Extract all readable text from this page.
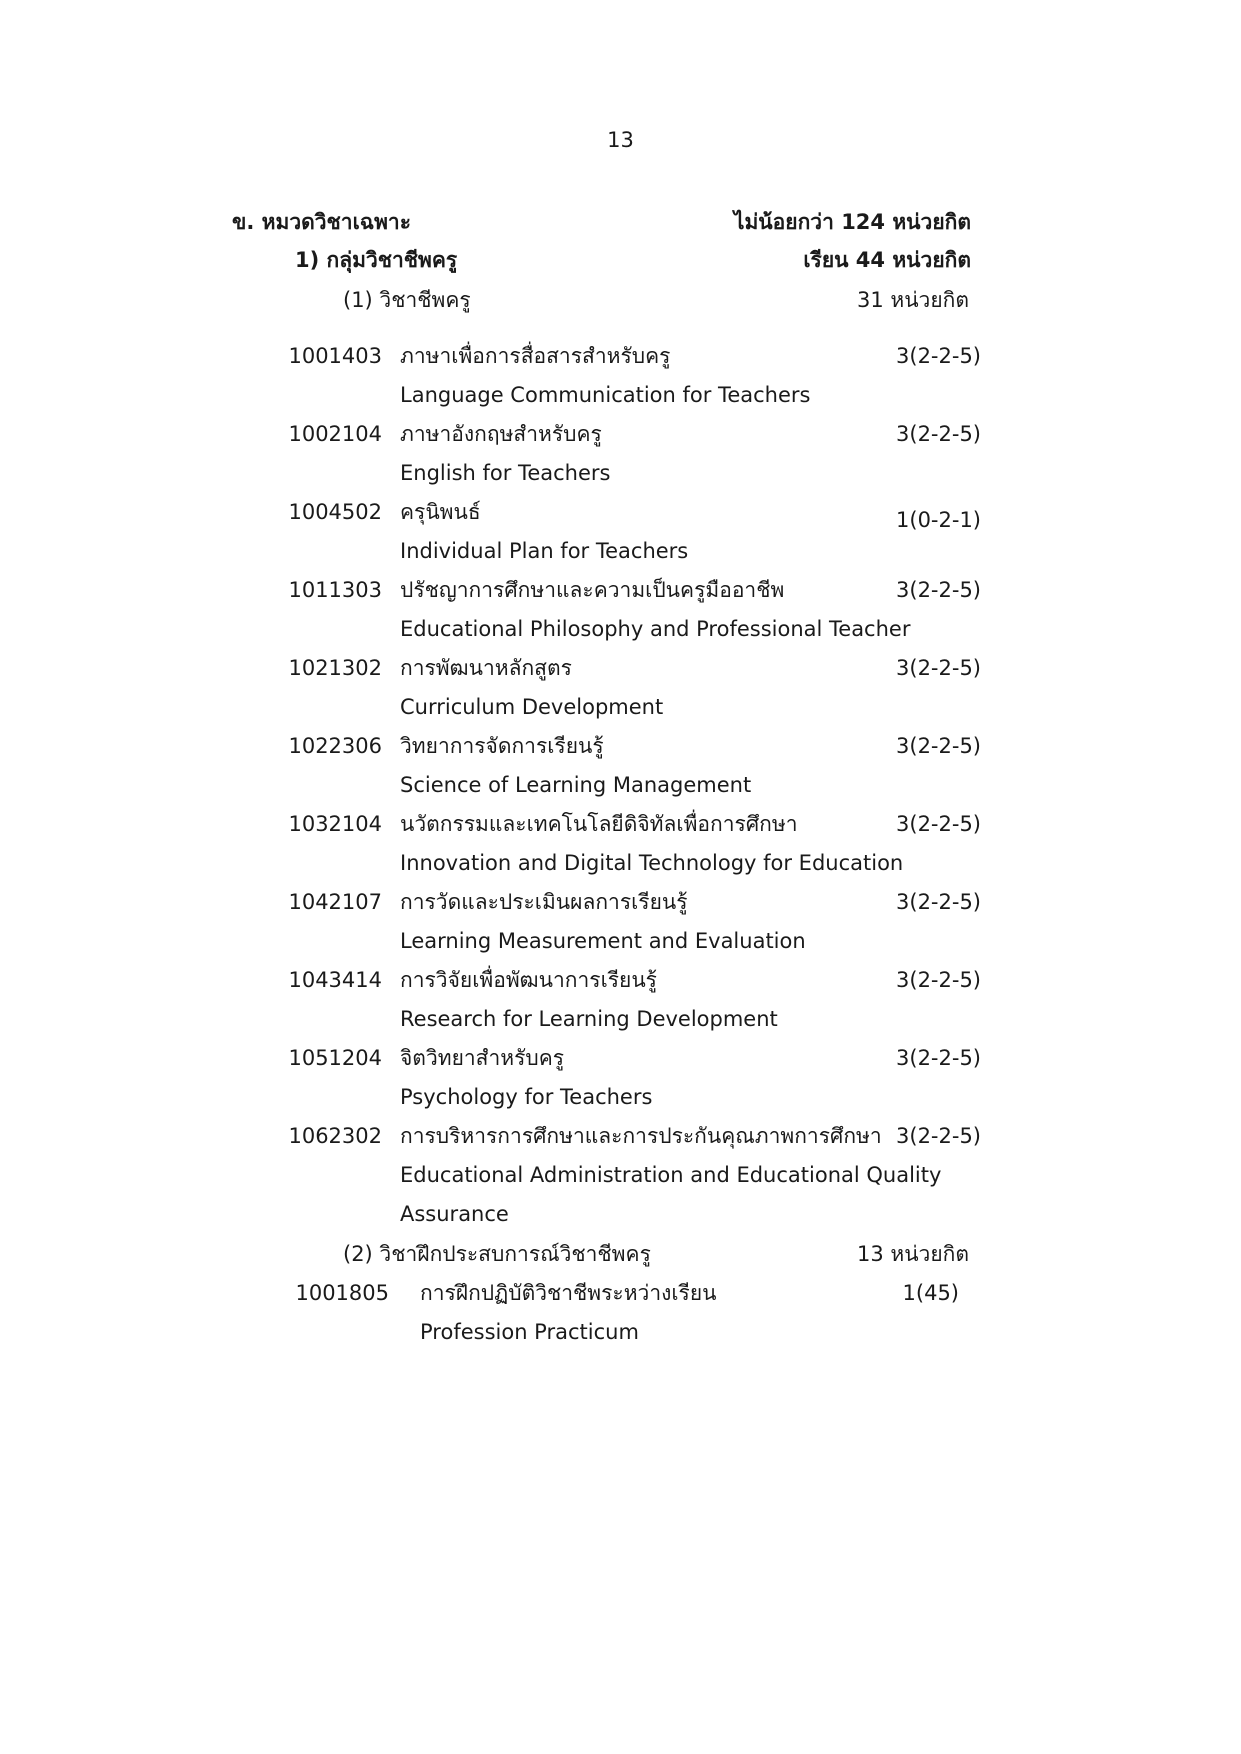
13
ข. หมวดวิชาเฉพาะ	ไม่น้อยกว่า 124 หน่วยกิต
1) กลุ่มวิชาชีพครู	เรียน 44 หน่วยกิต
(1) วิชาชีพครู	31 หน่วยกิต
1001403 ภาษาเพื่อการสื่อสารสำหรับครู	3(2-2-5)
Language Communication for Teachers
1002104 ภาษาอังกฤษสำหรับครู	3(2-2-5)
English for Teachers
1004502 ครุนิพนธ์	1(0-2-1)
Individual Plan for Teachers
1011303 ปรัชญาการศึกษาและความเป็นครูมืออาชีพ	3(2-2-5)
Educational Philosophy and Professional Teacher
1021302 การพัฒนาหลักสูตร	3(2-2-5)
Curriculum Development
1022306 วิทยาการจัดการเรียนรู้	3(2-2-5)
Science of Learning Management
1032104 นวัตกรรมและเทคโนโลยีดิจิทัลเพื่อการศึกษา	3(2-2-5)
Innovation and Digital Technology for Education
1042107 การวัดและประเมินผลการเรียนรู้	3(2-2-5)
Learning Measurement and Evaluation
1043414 การวิจัยเพื่อพัฒนาการเรียนรู้	3(2-2-5)
Research for Learning Development
1051204 จิตวิทยาสำหรับครู	3(2-2-5)
Psychology for Teachers
1062302 การบริหารการศึกษาและการประกันคุณภาพการศึกษา 3(2-2-5)
Educational Administration and Educational Quality
Assurance
(2) วิชาฝึกประสบการณ์วิชาชีพครู	13 หน่วยกิต
1001805 การฝึกปฏิบัติวิชาชีพระหว่างเรียน	1(45)
Profession Practicum
